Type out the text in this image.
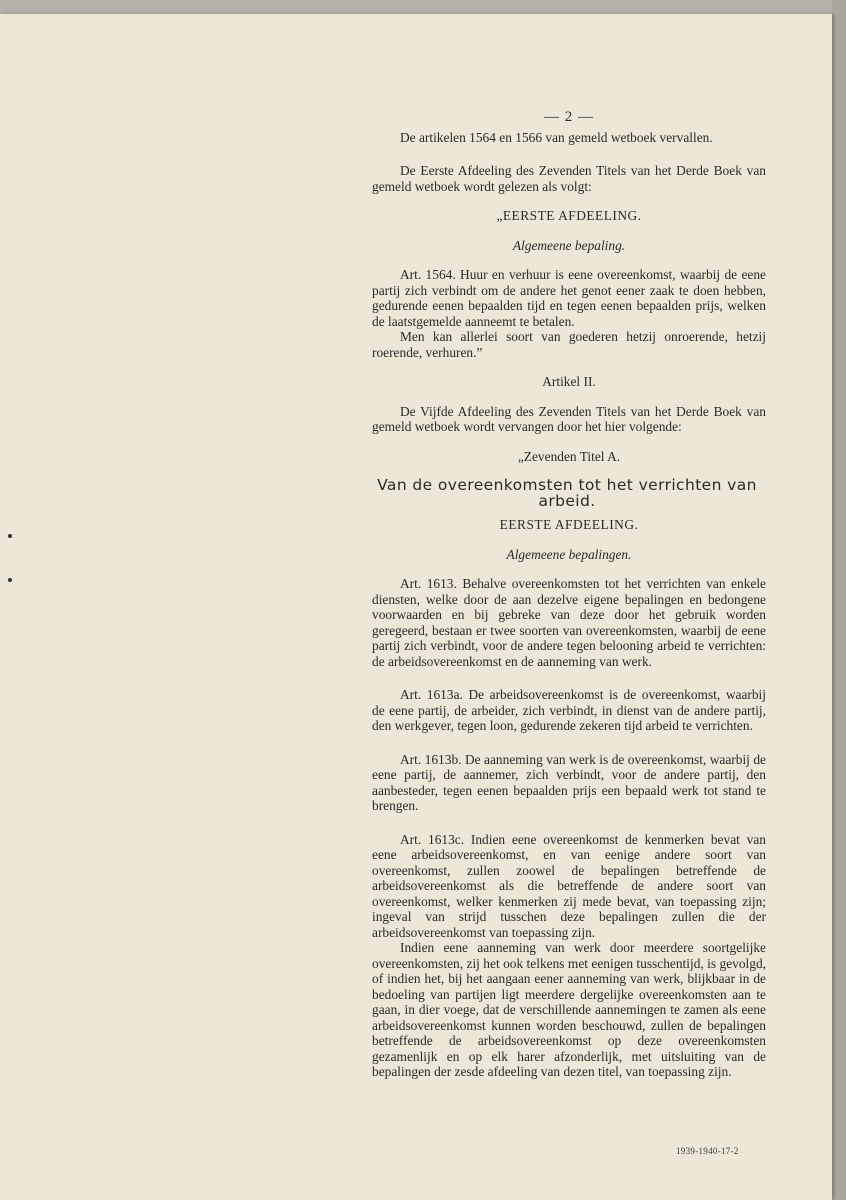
— 2 —

De artikelen 1564 en 1566 van gemeld wetboek vervallen.

De Eerste Afdeeling des Zevenden Titels van het Derde Boek van gemeld wetboek wordt gelezen als volgt:

„EERSTE AFDEELING.

Algemeene bepaling.

Art. 1564. Huur en verhuur is eene overeenkomst, waarbij de eene partij zich verbindt om de andere het genot eener zaak te doen hebben, gedurende eenen bepaalden tijd en tegen eenen bepaalden prijs, welken de laatstgemelde aanneemt te betalen.

Men kan allerlei soort van goederen hetzij onroerende, hetzij roerende, verhuren.”

Artikel II.

De Vijfde Afdeeling des Zevenden Titels van het Derde Boek van gemeld wetboek wordt vervangen door het hier volgende:

„Zevenden Titel A.

Van de overeenkomsten tot het verrichten van arbeid.

EERSTE AFDEELING.

Algemeene bepalingen.

Art. 1613. Behalve overeenkomsten tot het verrichten van enkele diensten, welke door de aan dezelve eigene bepalingen en bedongene voorwaarden en bij gebreke van deze door het gebruik worden geregeerd, bestaan er twee soorten van overeenkomsten, waarbij de eene partij zich verbindt, voor de andere tegen belooning arbeid te verrichten: de arbeidsovereenkomst en de aanneming van werk.

Art. 1613a. De arbeidsovereenkomst is de overeenkomst, waarbij de eene partij, de arbeider, zich verbindt, in dienst van de andere partij, den werkgever, tegen loon, gedurende zekeren tijd arbeid te verrichten.

Art. 1613b. De aanneming van werk is de overeenkomst, waarbij de eene partij, de aannemer, zich verbindt, voor de andere partij, den aanbesteder, tegen eenen bepaalden prijs een bepaald werk tot stand te brengen.

Art. 1613c. Indien eene overeenkomst de kenmerken bevat van eene arbeidsovereenkomst, en van eenige andere soort van overeenkomst, zullen zoowel de bepalingen betreffende de arbeidsovereenkomst als die betreffende de andere soort van overeenkomst, welker kenmerken zij mede bevat, van toepassing zijn; ingeval van strijd tusschen deze bepalingen zullen die der arbeidsovereenkomst van toepassing zijn.

Indien eene aanneming van werk door meerdere soortgelijke overeenkomsten, zij het ook telkens met eenigen tusschentijd, is gevolgd, of indien het, bij het aangaan eener aanneming van werk, blijkbaar in de bedoeling van partijen ligt meerdere dergelijke overeenkomsten aan te gaan, in dier voege, dat de verschillende aannemingen te zamen als eene arbeidsovereenkomst kunnen worden beschouwd, zullen de bepalingen betreffende de arbeidsovereenkomst op deze overeenkomsten gezamenlijk en op elk harer afzonderlijk, met uitsluiting van de bepalingen der zesde afdeeling van dezen titel, van toepassing zijn.

1939-1940-17-2
